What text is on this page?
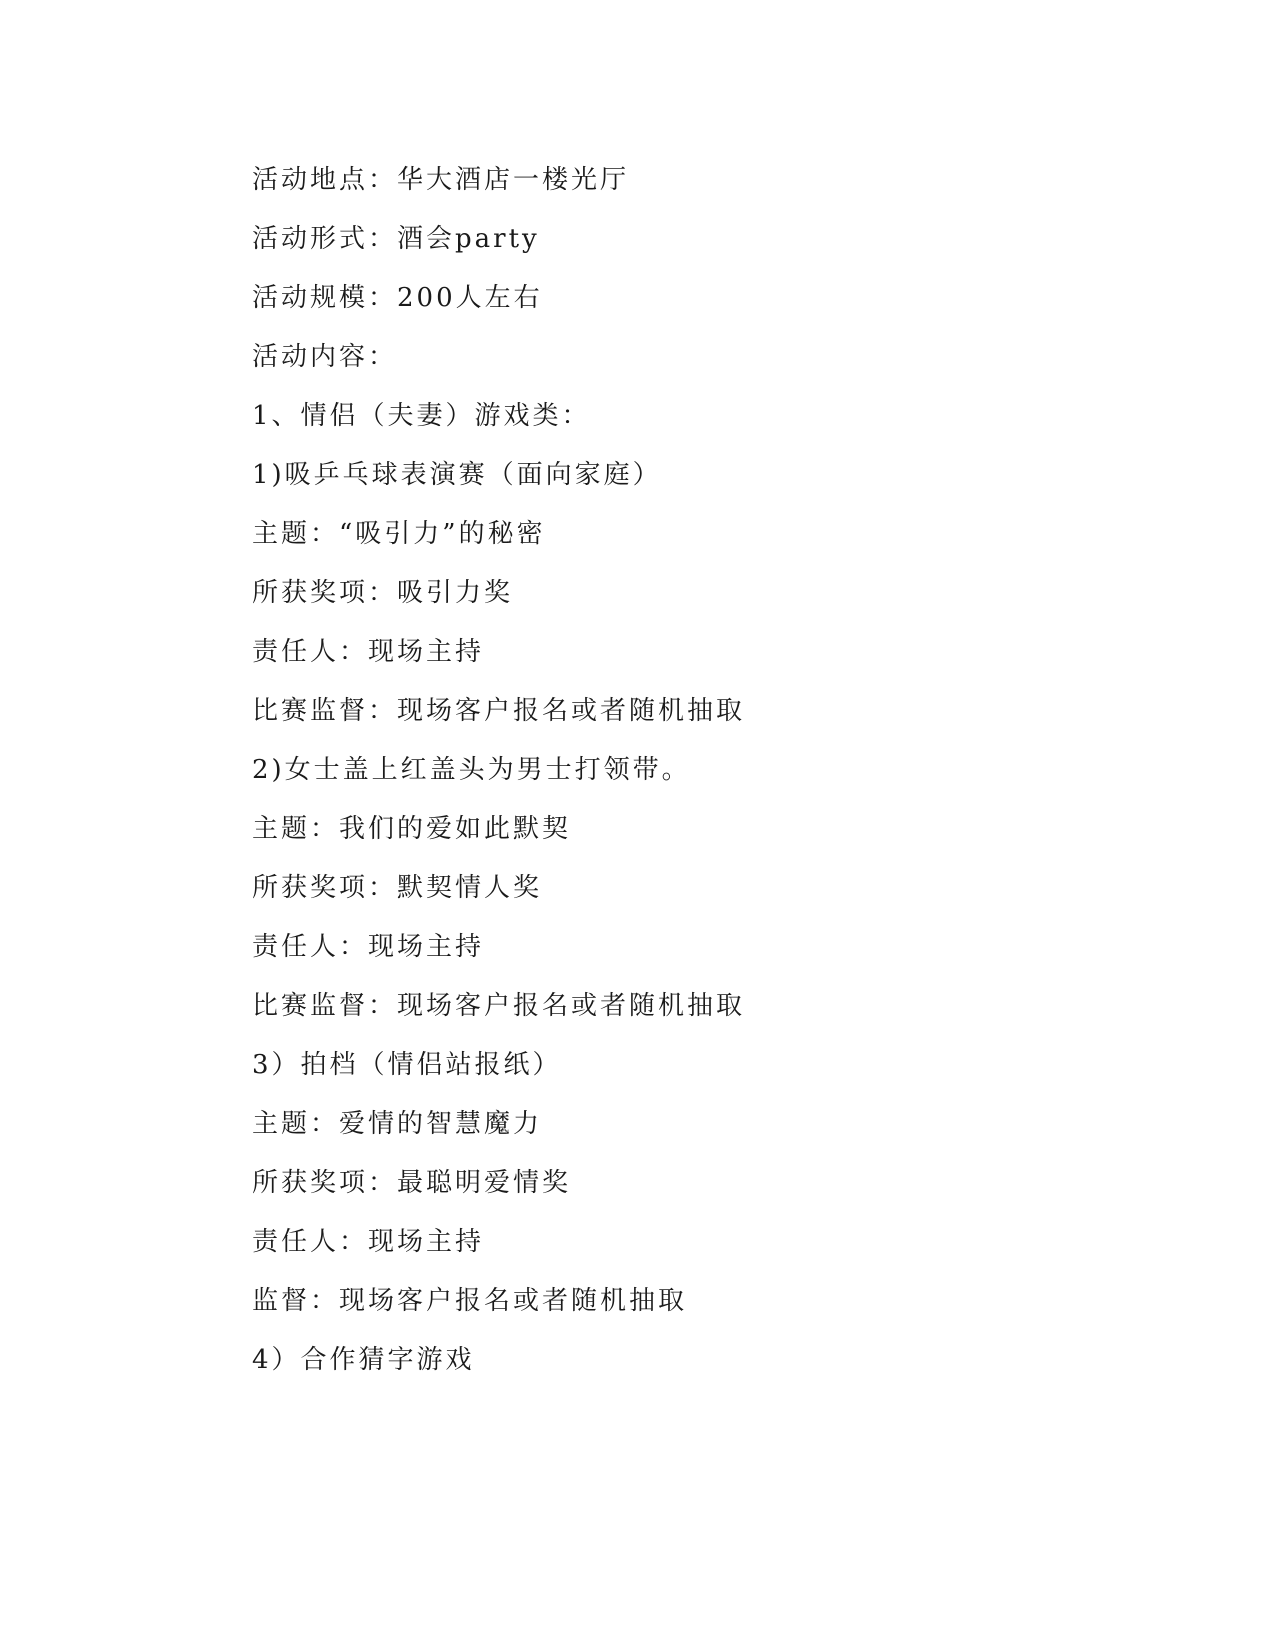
活动地点：华大酒店一楼光厅
活动形式：酒会party
活动规模：200人左右
活动内容：
1、情侣（夫妻）游戏类：
1)吸乒乓球表演赛（面向家庭）
主题：“吸引力”的秘密
所获奖项：吸引力奖
责任人：现场主持
比赛监督：现场客户报名或者随机抽取
2)女士盖上红盖头为男士打领带。
主题：我们的爱如此默契
所获奖项：默契情人奖
责任人：现场主持
比赛监督：现场客户报名或者随机抽取
3）拍档（情侣站报纸）
主题：爱情的智慧魔力
所获奖项：最聪明爱情奖
责任人：现场主持
监督：现场客户报名或者随机抽取
4）合作猜字游戏
